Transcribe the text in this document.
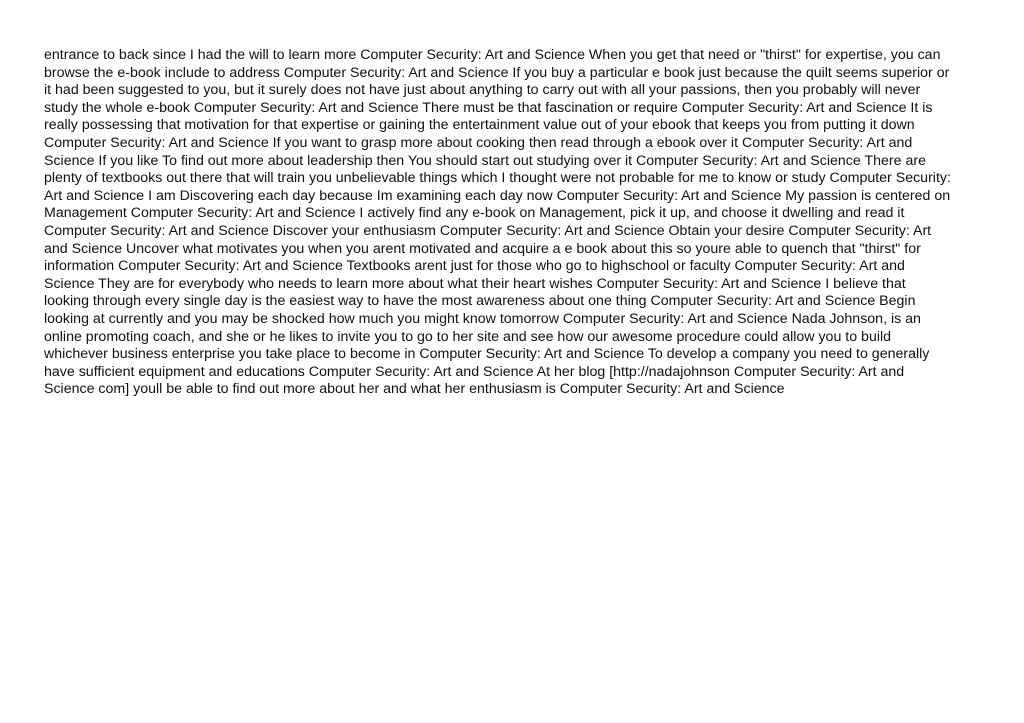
entrance to back since I had the will to learn more Computer Security: Art and Science When you get that need or "thirst" for expertise, you can
browse the e-book include to address Computer Security: Art and Science If you buy a particular e book just because the quilt seems superior or
it had been suggested to you, but it surely does not have just about anything to carry out with all your passions, then you probably will never
study the whole e-book Computer Security: Art and Science There must be that fascination or require Computer Security: Art and Science It is
really possessing that motivation for that expertise or gaining the entertainment value out of your ebook that keeps you from putting it down
Computer Security: Art and Science If you want to grasp more about cooking then read through a ebook over it Computer Security: Art and
Science If you like To find out more about leadership then You should start out studying over it Computer Security: Art and Science There are
plenty of textbooks out there that will train you unbelievable things which I thought were not probable for me to know or study Computer Security:
Art and Science I am Discovering each day because Im examining each day now Computer Security: Art and Science My passion is centered on
Management Computer Security: Art and Science I actively find any e-book on Management, pick it up, and choose it dwelling and read it
Computer Security: Art and Science Discover your enthusiasm Computer Security: Art and Science Obtain your desire Computer Security: Art
and Science Uncover what motivates you when you arent motivated and acquire a e book about this so youre able to quench that "thirst" for
information Computer Security: Art and Science Textbooks arent just for those who go to highschool or faculty Computer Security: Art and
Science They are for everybody who needs to learn more about what their heart wishes Computer Security: Art and Science I believe that
looking through every single day is the easiest way to have the most awareness about one thing Computer Security: Art and Science Begin
looking at currently and you may be shocked how much you might know tomorrow Computer Security: Art and Science Nada Johnson, is an
online promoting coach, and she or he likes to invite you to go to her site and see how our awesome procedure could allow you to build
whichever business enterprise you take place to become in Computer Security: Art and Science To develop a company you need to generally
have sufficient equipment and educations Computer Security: Art and Science At her blog [http://nadajohnson Computer Security: Art and
Science com] youll be able to find out more about her and what her enthusiasm is Computer Security: Art and Science
